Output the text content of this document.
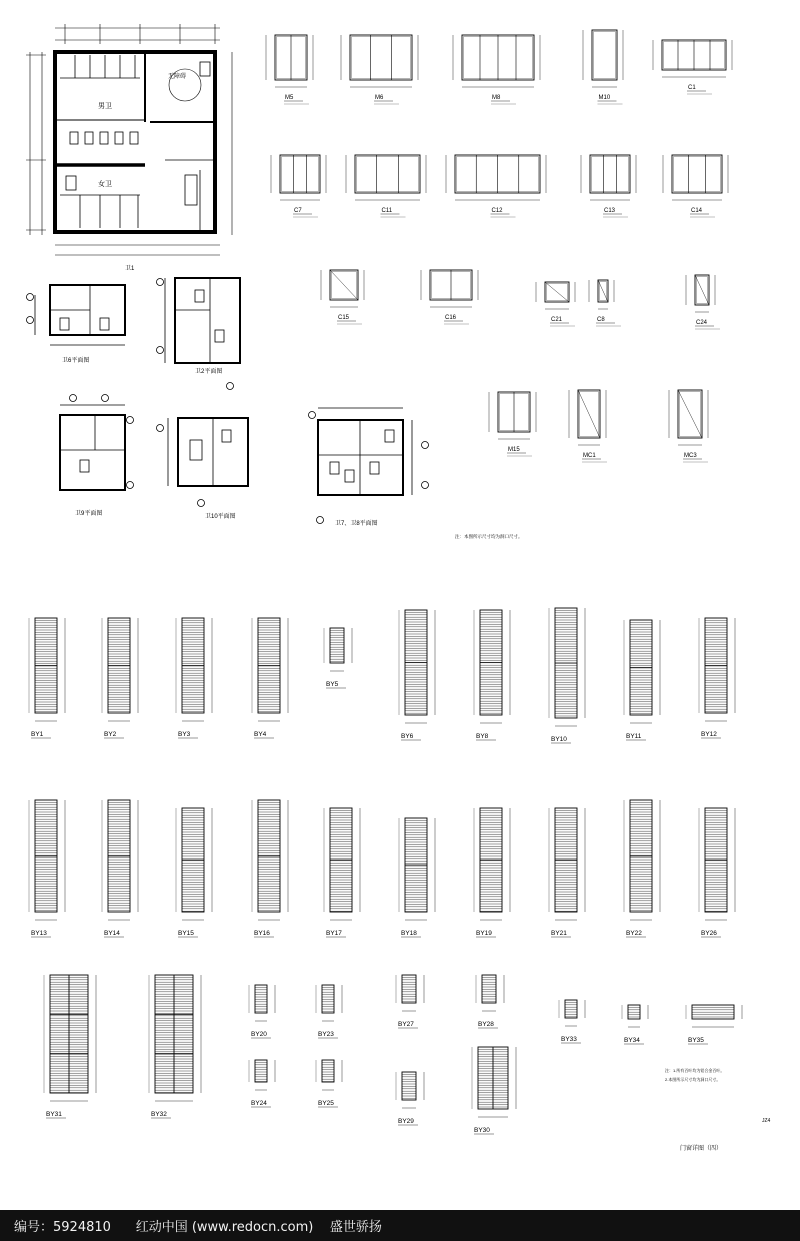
男卫
女卫
无障碍
卫1
卫6平面图
卫9平面图
卫2平面图
卫10平面图
卫7、卫8平面图
M5	M6	M8	M10
C1
C7	C11	C12	C13	C14
C15	C16	C21	C8	C24
M15
MC1	MC3
注：本图所示尺寸均为洞口尺寸。
BY1	BY2	BY3	BY4
BY5
BY6	BY8	BY10	BY11	BY12
BY13	BY14	BY15	BY16	BY17	BY18	BY19	BY21	BY22	BY26
BY31	BY32
BY20	BY23
BY27	BY28
BY24	BY25
BY29
BY30
BY33	BY34	BY35
注：1.所有百叶均为铝合金百叶。
2.本图所示尺寸均为洞口尺寸。
门窗详图（四）
JZ4
编号：5924810
红动中国 (www.redocn.com)
盛世骄扬
